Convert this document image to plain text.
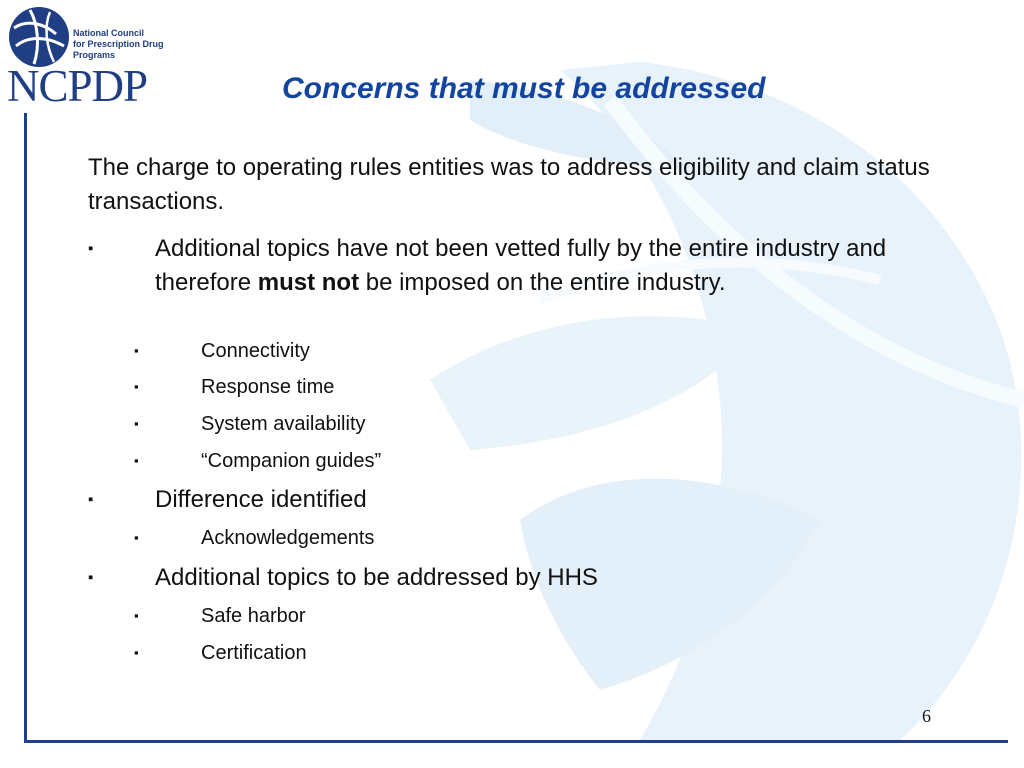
National Council
for Prescription Drug
Programs
NCPDP	Concerns that must be addressed
The charge to operating rules entities was to address eligibility and claim status transactions.
▪	Additional topics have not been vetted fully by the entire industry and therefore must not be imposed on the entire industry.
▪	Connectivity
▪	Response time
▪	System availability
▪	“Companion guides”
▪	Difference identified
▪	Acknowledgements
▪	Additional topics to be addressed by HHS
▪	Safe harbor
▪	Certification
6
